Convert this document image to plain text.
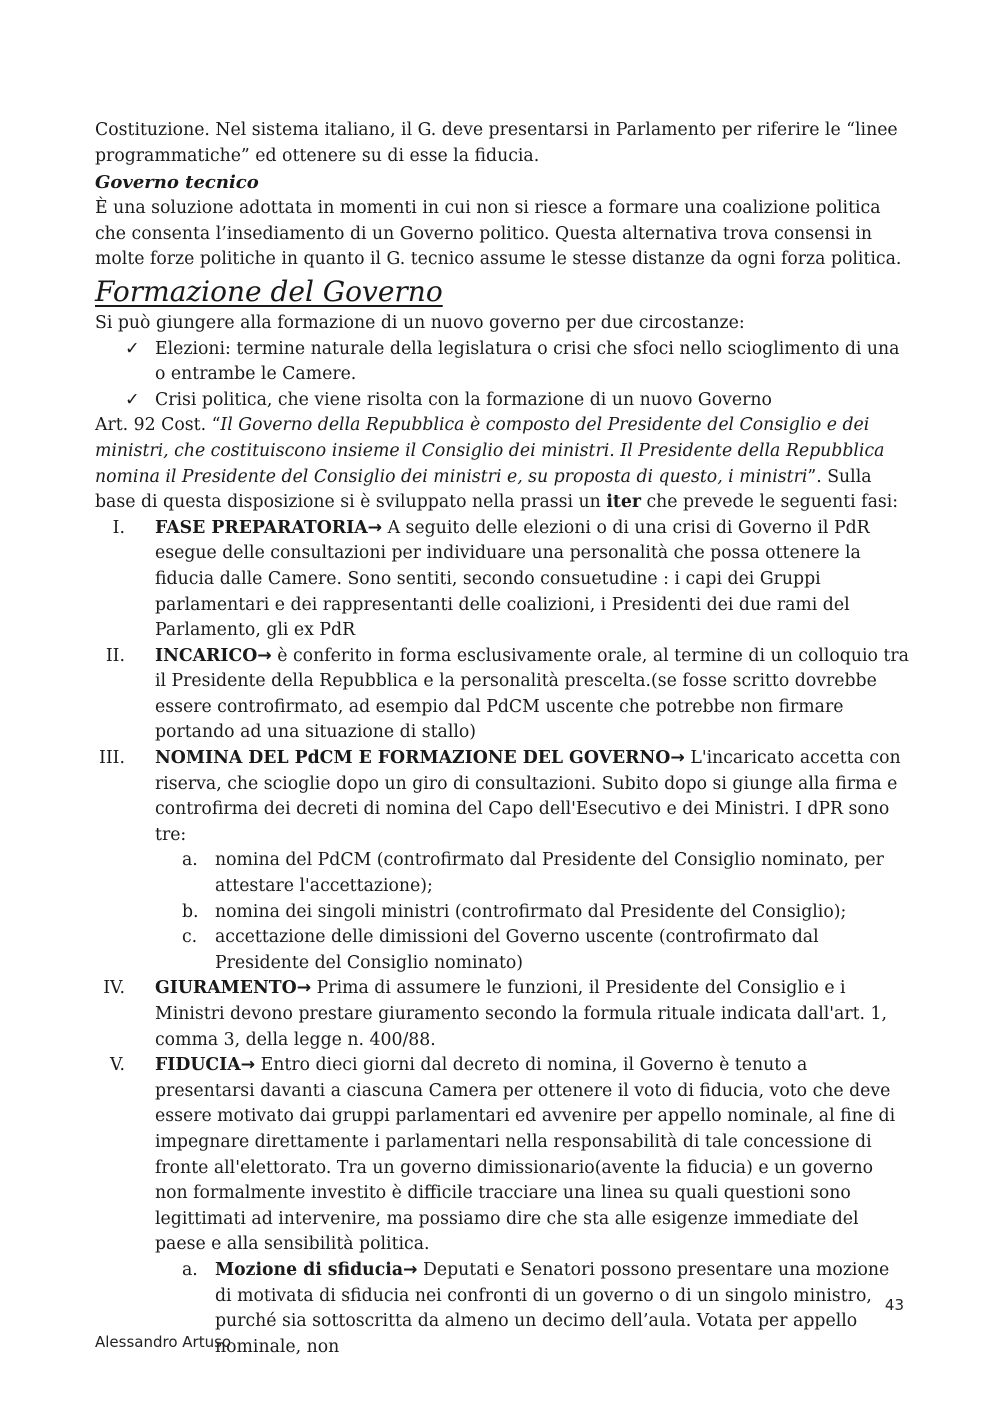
Costituzione. Nel sistema italiano, il G. deve presentarsi in Parlamento per riferire le “linee programmatiche” ed ottenere su di esse la fiducia.

Governo tecnico

È una soluzione adottata in momenti in cui non si riesce a formare una coalizione politica che consenta l’insediamento di un Governo politico. Questa alternativa trova consensi in molte forze politiche in quanto il G. tecnico assume le stesse distanze da ogni forza politica.

Formazione del Governo

Si può giungere alla formazione di un nuovo governo per due circostanze:

✓ Elezioni: termine naturale della legislatura o crisi che sfoci nello scioglimento di una o entrambe le Camere.
✓ Crisi politica, che viene risolta con la formazione di un nuovo Governo

Art. 92 Cost. “Il Governo della Repubblica è composto del Presidente del Consiglio e dei ministri, che costituiscono insieme il Consiglio dei ministri. Il Presidente della Repubblica nomina il Presidente del Consiglio dei ministri e, su proposta di questo, i ministri”. Sulla base di questa disposizione si è sviluppato nella prassi un iter che prevede le seguenti fasi:

I. FASE PREPARATORIA→ A seguito delle elezioni o di una crisi di Governo il PdR esegue delle consultazioni per individuare una personalità che possa ottenere la fiducia dalle Camere. Sono sentiti, secondo consuetudine : i capi dei Gruppi parlamentari e dei rappresentanti delle coalizioni, i Presidenti dei due rami del Parlamento, gli ex PdR
II. INCARICO→ è conferito in forma esclusivamente orale, al termine di un colloquio tra il Presidente della Repubblica e la personalità prescelta.(se fosse scritto dovrebbe essere controfirmato, ad esempio dal PdCM uscente che potrebbe non firmare portando ad una situazione di stallo)
III. NOMINA DEL PdCM E FORMAZIONE DEL GOVERNO→ L'incaricato accetta con riserva, che scioglie dopo un giro di consultazioni. Subito dopo si giunge alla firma e controfirma dei decreti di nomina del Capo dell'Esecutivo e dei Ministri. I dPR sono tre:
a. nomina del PdCM (controfirmato dal Presidente del Consiglio nominato, per attestare l'accettazione);
b. nomina dei singoli ministri (controfirmato dal Presidente del Consiglio);
c. accettazione delle dimissioni del Governo uscente (controfirmato dal Presidente del Consiglio nominato)
IV. GIURAMENTO→ Prima di assumere le funzioni, il Presidente del Consiglio e i Ministri devono prestare giuramento secondo la formula rituale indicata dall'art. 1, comma 3, della legge n. 400/88.
V. FIDUCIA→ Entro dieci giorni dal decreto di nomina, il Governo è tenuto a presentarsi davanti a ciascuna Camera per ottenere il voto di fiducia, voto che deve essere motivato dai gruppi parlamentari ed avvenire per appello nominale, al fine di impegnare direttamente i parlamentari nella responsabilità di tale concessione di fronte all'elettorato. Tra un governo dimissionario(avente la fiducia) e un governo non formalmente investito è difficile tracciare una linea su quali questioni sono legittimati ad intervenire, ma possiamo dire che sta alle esigenze immediate del paese e alla sensibilità politica.
a. Mozione di sfiducia→ Deputati e Senatori possono presentare una mozione di motivata di sfiducia nei confronti di un governo o di un singolo ministro, purché sia sottoscritta da almeno un decimo dell’aula. Votata per appello nominale, non
43
Alessandro Artuso
